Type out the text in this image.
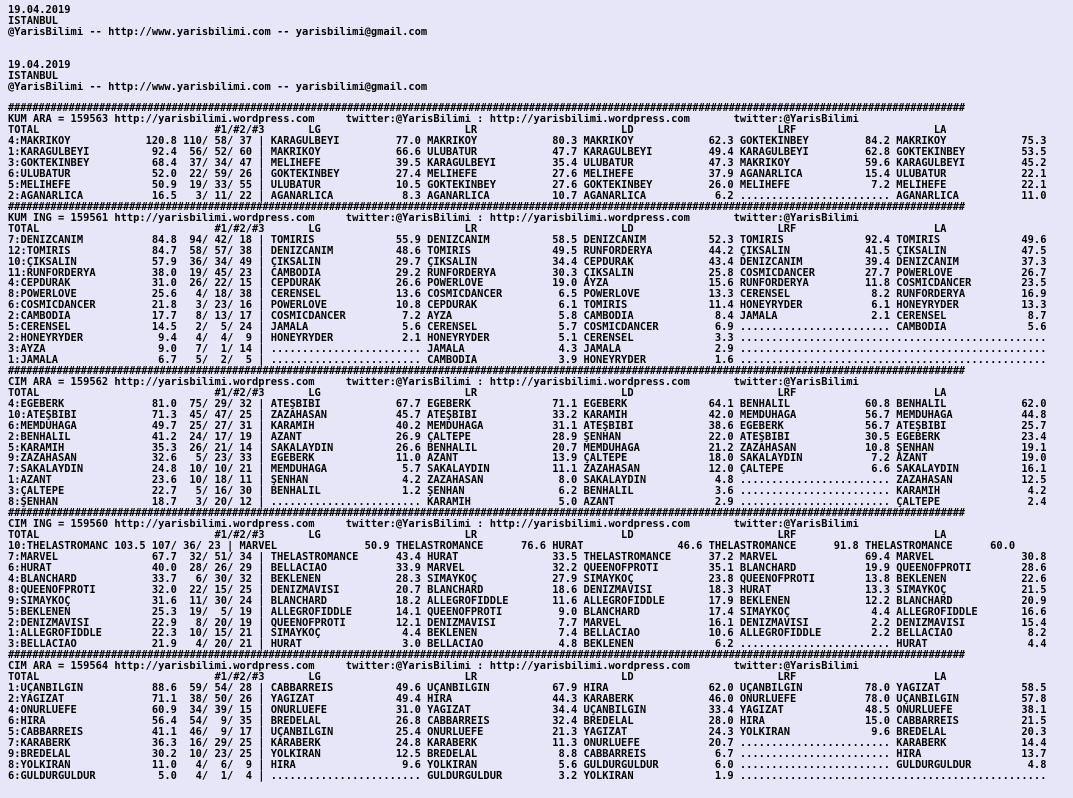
19.04.2019
ISTANBUL
@YarisBilimi -- http://www.yarisbilimi.com -- yarisbilimi@gmail.com
19.04.2019
ISTANBUL
@YarisBilimi -- http://www.yarisbilimi.com -- yarisbilimi@gmail.com
##############################################################################################################################################################
KUM ARA = 159563 http://yarisbilimi.wordpress.com     twitter:@YarisBilimi : http://yarisbilimi.wordpress.com       twitter:@YarisBilimi
TOTAL                            #1/#2/#3       LG                       LR                       LD                       LRF                      LA
4:MAKRIKÖY            120.8 110/ 58/ 37 | KARAGÜLBEYİ         77.0 MAKRIKÖY            80.3 MAKRIKÖY            62.3 GÖKTEKİNBEY         84.2 MAKRIKÖY            75.3
1:KARAGÜLBEYİ          92.4  56/ 52/ 60 | MAKRIKÖY            66.6 ULUBATUR            47.7 KARAGÜLBEYİ         49.4 KARAGÜLBEYİ         62.8 GÖKTEKİNBEY         53.5
3:GÖKTEKİNBEY          68.4  37/ 34/ 47 | MELİHEFE            39.5 KARAGÜLBEYİ         35.4 ULUBATUR            47.3 MAKRIKÖY            59.6 KARAGÜLBEYİ         45.2
6:ULUBATUR             52.0  22/ 59/ 26 | GÖKTEKİNBEY         27.4 MELİHEFE            27.6 MELİHEFE            37.9 AĞANARLICA          15.4 ULUBATUR            22.1
5:MELİHEFE             50.9  19/ 33/ 55 | ULUBATUR            10.5 GÖKTEKİNBEY         27.6 GÖKTEKİNBEY         26.0 MELİHEFE             7.2 MELİHEFE            22.1
2:AĞANARLICA           16.5   3/ 11/ 22 | AĞANARLICA           8.3 AĞANARLICA          10.7 AĞANARLICA           6.2 ........................ AĞANARLICA          11.0
##############################################################################################################################################################
KUM ING = 159561 http://yarisbilimi.wordpress.com     twitter:@YarisBilimi : http://yarisbilimi.wordpress.com       twitter:@YarisBilimi
TOTAL                            #1/#2/#3       LG                       LR                       LD                       LRF                      LA
7:DENİZCANIM           84.8  94/ 42/ 18 | TOMİRİS             55.9 DENİZCANIM          58.5 DENİZCANIM          52.3 TOMİRİS             92.4 TOMİRİS             49.6
12:TOMİRİS             84.7  58/ 57/ 38 | DENİZCANIM          48.6 TOMİRİS             49.5 RUNFORDERYA         44.2 ÇIKSALIN            41.5 ÇIKSALIN            47.5
10:ÇIKSALIN            57.9  36/ 34/ 49 | ÇIKSALIN            29.7 ÇIKSALIN            34.4 CEPDURAK            43.4 DENİZCANIM          39.4 DENİZCANIM          37.3
11:RUNFORDERYA         38.0  19/ 45/ 23 | CAMBODIA            29.2 RUNFORDERYA         30.3 ÇIKSALIN            25.8 COSMICDANCER        27.7 POWERLOVE           26.7
4:CEPDURAK             31.0  26/ 22/ 15 | CEPDURAK            26.6 POWERLOVE           19.0 AYZA                15.6 RUNFORDERYA         11.8 COSMICDANCER        23.5
8:POWERLOVE            25.6   4/ 18/ 38 | CERENSEL            13.6 COSMICDANCER         6.5 POWERLOVE           13.3 CERENSEL             8.2 RUNFORDERYA         16.9
6:COSMICDANCER         21.8   3/ 23/ 16 | POWERLOVE           10.8 CEPDURAK             6.1 TOMİRİS             11.4 HONEYRYDER           6.1 HONEYRYDER          13.3
2:CAMBODIA             17.7   8/ 13/ 17 | COSMICDANCER         7.2 AYZA                 5.8 CAMBODIA             8.4 JAMALA               2.1 CERENSEL             8.7
5:CERENSEL             14.5   2/  5/ 24 | JAMALA               5.6 CERENSEL             5.7 COSMICDANCER         6.9 ........................ CAMBODIA             5.6
2:HONEYRYDER            9.4   4/  4/  9 | HONEYRYDER           2.1 HONEYRYDER           5.1 CERENSEL             3.3 .................................................
3:AYZA                  9.0   7/  1/ 14 | ........................ JAMALA               4.3 JAMALA               2.9 .................................................
1:JAMALA                6.7   5/  2/  5 | ........................ CAMBODIA             3.9 HONEYRYDER           1.6 .................................................
##############################################################################################################################################################
CIM ARA = 159562 http://yarisbilimi.wordpress.com     twitter:@YarisBilimi : http://yarisbilimi.wordpress.com       twitter:@YarisBilimi
TOTAL                            #1/#2/#3       LG                       LR                       LD                       LRF                      LA
4:EGEBERK              81.0  75/ 29/ 32 | ATEŞBİBİ            67.7 EGEBERK             71.1 EGEBERK             64.1 BENHALİL            60.8 BENHALİL            62.0
10:ATEŞBİBİ            71.3  45/ 47/ 25 | ZAZAHASAN           45.7 ATEŞBİBİ            33.2 KARAMIH             42.0 MEMDUHAĞA           56.7 MEMDUHAĞA           44.8
6:MEMDUHAĞA            49.7  25/ 27/ 31 | KARAMIH             40.2 MEMDUHAĞA           31.1 ATEŞBİBİ            38.6 EGEBERK             56.7 ATEŞBİBİ            25.7
2:BENHALİL             41.2  24/ 17/ 19 | AZANT               26.9 ÇALTEPE             28.9 ŞENHAN              22.0 ATEŞBİBİ            30.5 EGEBERK             23.4
5:KARAMIH              35.3  26/ 21/ 14 | SAKALAYDIN          26.6 BENHALİL            20.7 MEMDUHAĞA           21.2 ZAZAHASAN           10.8 ŞENHAN              19.1
9:ZAZAHASAN            32.6   5/ 23/ 33 | EGEBERK             11.0 AZANT               13.9 ÇALTEPE             18.0 SAKALAYDIN           7.2 AZANT               19.0
7:SAKALAYDIN           24.8  10/ 10/ 21 | MEMDUHAĞA            5.7 SAKALAYDIN          11.1 ZAZAHASAN           12.0 ÇALTEPE              6.6 SAKALAYDIN          16.1
1:AZANT                23.6  10/ 18/ 11 | ŞENHAN               4.2 ZAZAHASAN            8.0 SAKALAYDIN           4.8 ........................ ZAZAHASAN           12.5
3:ÇALTEPE              22.7   5/ 16/ 30 | BENHALİL             1.2 ŞENHAN               6.2 BENHALİL             3.6 ........................ KARAMIH              4.2
8:ŞENHAN               18.7   3/ 20/ 12 | ........................ KARAMIH              5.0 AZANT                2.9 ........................ ÇALTEPE              2.4
##############################################################################################################################################################
CIM ING = 159560 http://yarisbilimi.wordpress.com     twitter:@YarisBilimi : http://yarisbilimi.wordpress.com       twitter:@YarisBilimi
TOTAL                            #1/#2/#3       LG                       LR                       LD                       LRF                      LA
10:THELASTROMANC 103.5 107/ 36/ 23 | MARVEL              50.9 THELASTROMANCE      76.6 HURAT               46.6 THELASTROMANCE      91.8 THELASTROMANCE      60.0
7:MARVEL               67.7  32/ 51/ 34 | THELASTROMANCE      43.4 HURAT               33.5 THELASTROMANCE      37.2 MARVEL              69.4 MARVEL              30.8
6:HURAT                40.0  28/ 26/ 29 | BELLACIAO           33.9 MARVEL              32.2 QUEENOFPROTI        35.1 BLANCHARD           19.9 QUEENOFPROTI        28.6
4:BLANCHARD            33.7   6/ 30/ 32 | BEKLENEN            28.3 SİMAYKOÇ            27.9 SİMAYKOÇ            23.8 QUEENOFPROTI        13.8 BEKLENEN            22.6
8:QUEENOFPROTI         32.0  22/ 15/ 25 | DENİZMAVİSİ         20.7 BLANCHARD           18.6 DENİZMAVİSİ         18.3 HURAT               13.3 SİMAYKOÇ            21.5
9:SİMAYKOÇ             31.6  11/ 30/ 24 | BLANCHARD           18.2 ALLEGROFIDDLE       11.6 ALLEGROFIDDLE       17.9 BEKLENEN            12.2 BLANCHARD           20.9
5:BEKLENEN             25.3  19/  5/ 19 | ALLEGROFIDDLE       14.1 QUEENOFPROTI         9.0 BLANCHARD           17.4 SİMAYKOÇ             4.4 ALLEGROFIDDLE       16.6
2:DENİZMAVİSİ          22.9   8/ 20/ 19 | QUEENOFPROTI        12.1 DENİZMAVİSİ          7.7 MARVEL              16.1 DENİZMAVİSİ          2.2 DENİZMAVİSİ         15.4
1:ALLEGROFIDDLE        22.3  10/ 15/ 21 | SİMAYKOÇ             4.4 BEKLENEN             7.4 BELLACIAO           10.6 ALLEGROFIDDLE        2.2 BELLACIAO            8.2
3:BELLACIAO            21.9   4/ 20/ 21 | HURAT                3.0 BELLACIAO            4.8 BEKLENEN             6.2 ........................ HURAT                4.4
##############################################################################################################################################################
CIM ARA = 159564 http://yarisbilimi.wordpress.com     twitter:@YarisBilimi : http://yarisbilimi.wordpress.com       twitter:@YarisBilimi
TOTAL                            #1/#2/#3       LG                       LR                       LD                       LRF                      LA
1:UÇANBİLGİN           88.6  59/ 54/ 28 | CABBARREİS          49.6 UÇANBİLGİN          67.9 HIRA                62.0 UÇANBİLGİN          78.0 YAĞIZAT             58.5
2:YAĞIZAT              71.1  38/ 50/ 26 | YAĞIZAT             49.4 HIRA                44.3 KARABERK            46.0 ONURLUEFE           78.0 UÇANBİLGİN          57.8
4:ONURLUEFE            60.9  34/ 39/ 15 | ONURLUEFE           31.0 YAĞIZAT             34.4 UÇANBİLGİN          33.4 YAĞIZAT             48.5 ONURLUEFE           38.1
6:HIRA                 56.4  54/  9/ 35 | BREDELAL            26.8 CABBARREİS          32.4 BREDELAL            28.0 HIRA                15.0 CABBARREİS          21.5
5:CABBARREİS           41.1  46/  9/ 17 | UÇANBİLGİN          25.4 ONURLUEFE           21.3 YAĞIZAT             24.3 YOLKIRAN             9.6 BREDELAL            20.3
7:KARABERK             36.3  16/ 29/ 25 | KARABERK            24.8 KARABERK            11.3 ONURLUEFE           20.7 ........................ KARABERK            14.4
9:BREDELAL             30.2  10/ 23/ 25 | YOLKIRAN            12.5 BREDELAL             8.8 CABBARREİS           6.7 ........................ HIRA                13.7
8:YOLKIRAN             11.0   4/  6/  9 | HIRA                 9.6 YOLKIRAN             5.6 GÜLDÜRGÜLDÜR         6.0 ........................ GÜLDÜRGÜLDÜR         4.8
6:GÜLDÜRGÜLDÜR          5.0   4/  1/  4 | ........................ GÜLDÜRGÜLDÜR         3.2 YOLKIRAN             1.9 .................................................
